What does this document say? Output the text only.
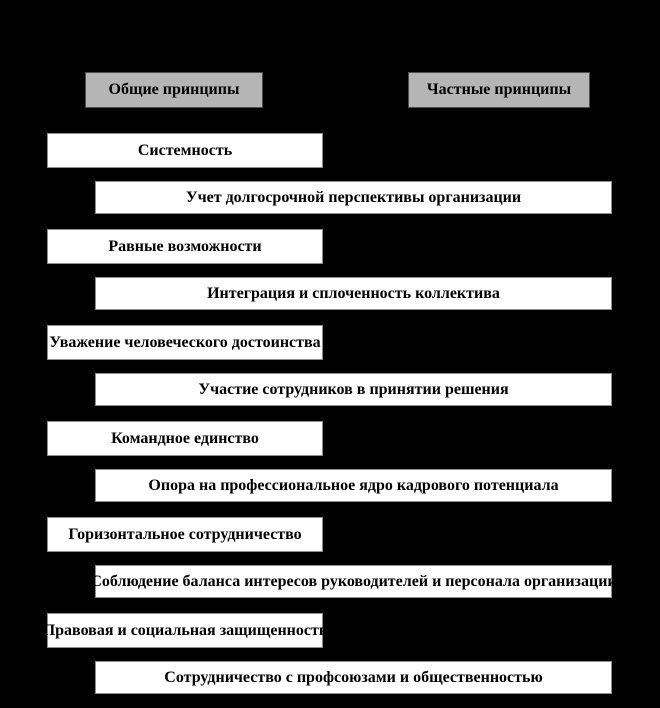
Общие принципы	Частные принципы
Системность
Учет долгосрочной перспективы организации
Равные возможности
Интеграция и сплоченность коллектива
Уважение человеческого достоинства
Участие сотрудников в принятии решения
Командное единство
Опора на профессиональное ядро кадрового потенциала
Горизонтальное сотрудничество
Соблюдение баланса интересов руководителей и персонала организации
Правовая и социальная защищенность
Сотрудничество с профсоюзами и общественностью
